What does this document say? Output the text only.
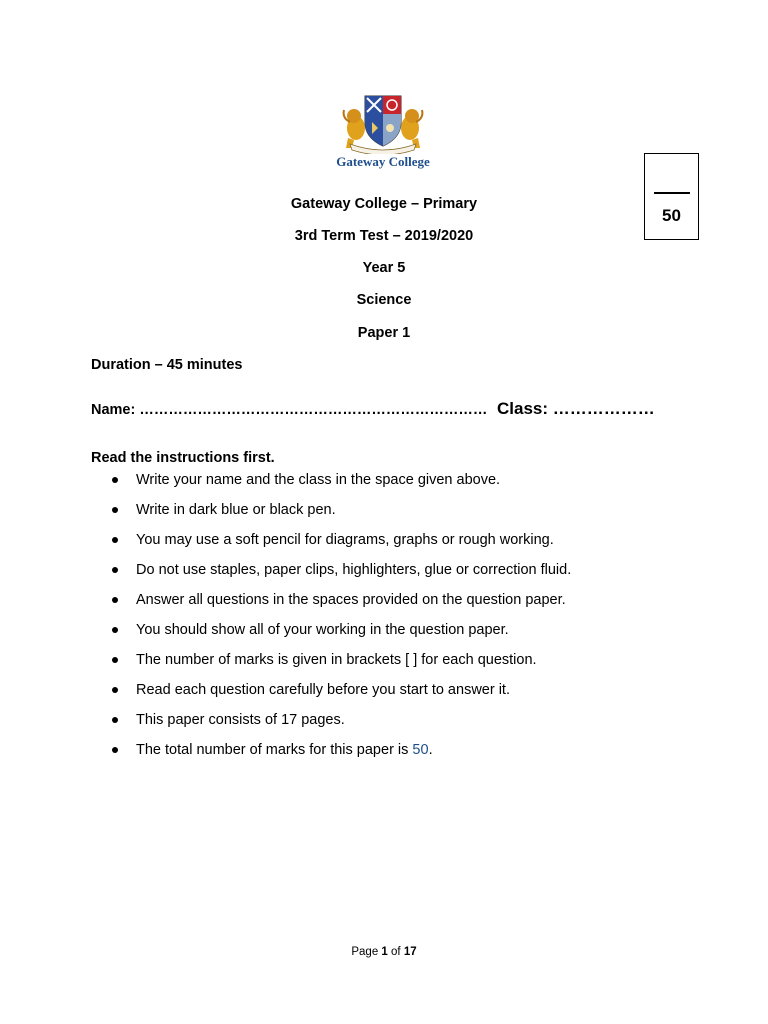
Gateway College
50
Gateway College – Primary
3rd Term Test – 2019/2020
Year 5
Science
Paper 1
Duration – 45 minutes
Name: ……………………………………………………………… Class: ………………
Read the instructions first.
Write your name and the class in the space given above.
Write in dark blue or black pen.
You may use a soft pencil for diagrams, graphs or rough working.
Do not use staples, paper clips, highlighters, glue or correction fluid.
Answer all questions in the spaces provided on the question paper.
You should show all of your working in the question paper.
The number of marks is given in brackets [ ] for each question.
Read each question carefully before you start to answer it.
This paper consists of 17 pages.
The total number of marks for this paper is 50.
Page 1 of 17
